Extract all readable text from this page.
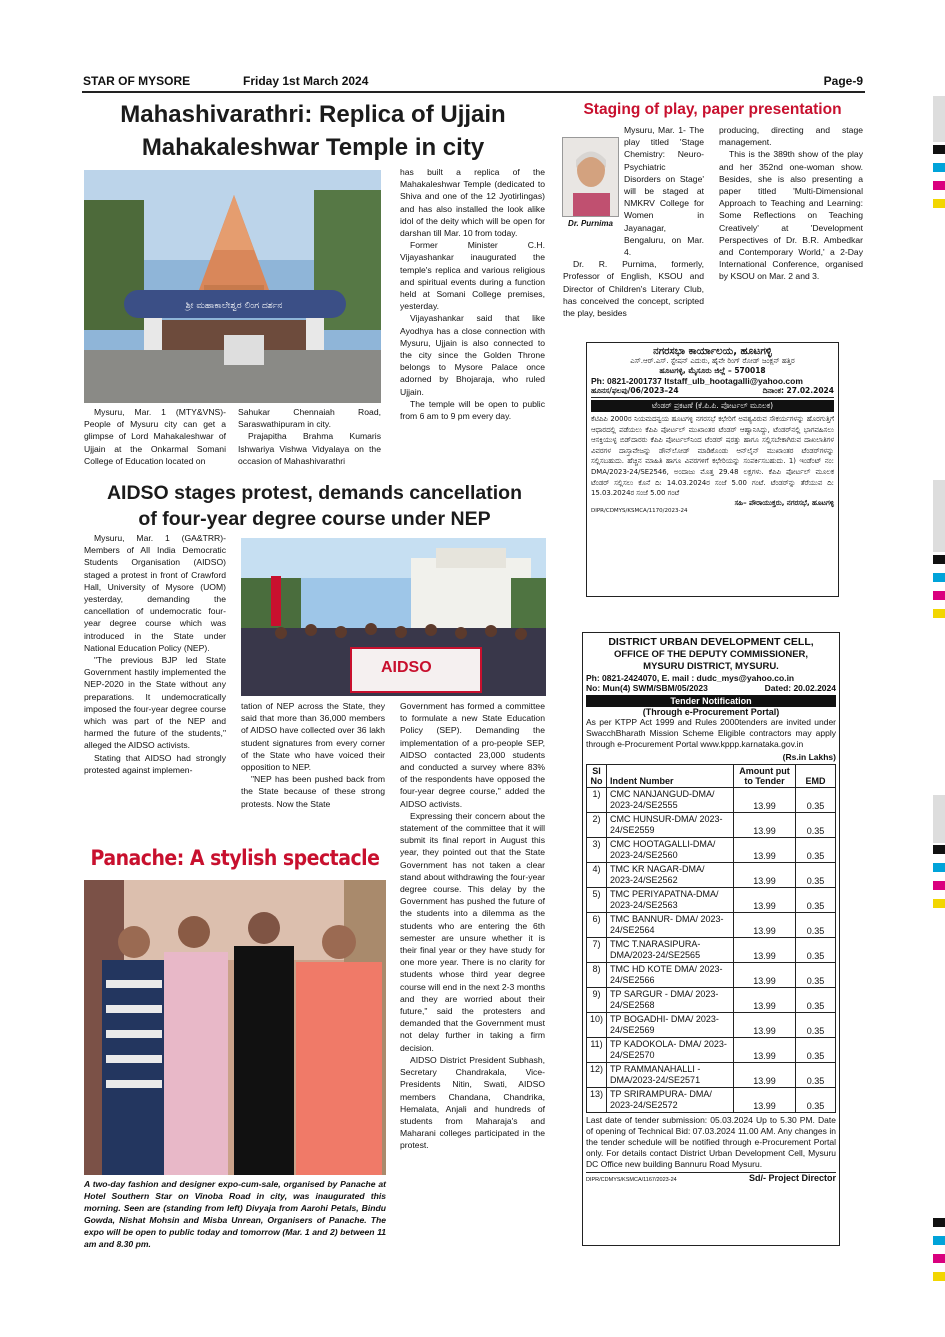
STAR OF MYSORE	Friday 1st March 2024	Page-9
Mahashivarathri: Replica of Ujjain
Mahakaleshwar Temple in city
ಶ್ರೀ ಮಹಾಕಾಲೇಶ್ವರ ಲಿಂಗ ದರ್ಶನ

Mysuru, Mar. 1 (MTY&VNS)- People of Mysuru city can get a glimpse of Lord Mahakaleshwar of Ujjain at the Onkarmal Somani College of Education located on

Sahukar Chennaiah Road, Saraswathipuram in city.

Prajapitha Brahma Kumaris Ishwariya Vishwa Vidyalaya on the occasion of Mahashivarathri

has built a replica of the Mahakaleshwar Temple (dedicated to Shiva and one of the 12 Jyotirlingas) and has also installed the look alike idol of the deity which will be open for darshan till Mar. 10 from today.

Former Minister C.H. Vijayashankar inaugurated the temple's replica and various religious and spiritual events during a function held at Somani College premises, yesterday.

Vijayashankar said that like Ayodhya has a close connection with Mysuru, Ujjain is also connected to the city since the Golden Throne belongs to Mysore Palace once adorned by Bhojaraja, who ruled Ujjain.

The temple will be open to public from 6 am to 9 pm every day.

Staging of play, paper presentation
Dr. Purnima

Mysuru, Mar. 1- The play titled 'Stage Chemistry: Neuro-Psychiatric Disorders on Stage' will be staged at NMKRV College for Women in Jayanagar, Bengaluru, on Mar. 4.

Dr. R. Purnima, formerly, Professor of English, KSOU and Director of Children's Literary Club, has conceived the concept, scripted the play, besides

producing, directing and stage management.

This is the 389th show of the play and her 352nd one-woman show. Besides, she is also presenting a paper titled 'Multi-Dimensional Approach to Teaching and Learning: Some Reflections on Teaching Creatively' at 'Development Perspectives of Dr. B.R. Ambedkar and Contemporary World,' a 2-Day International Conference, organised by KSOU on Mar. 2 and 3.

ನಗರಸಭಾ ಕಾರ್ಯಾಲಯ, ಹೂಟಗಳ್ಳಿ
ಎಸ್.ಆರ್.ಎಸ್. ಸ್ಟೇಷನ್ ಎದುರು, ಹೈವೇ ರಿಂಗ್ ರೋಡ್ ಜಂಕ್ಷನ್ ಹತ್ತಿರ
ಹೂಟಗಳ್ಳಿ, ಮೈಸೂರು ಜಿಲ್ಲೆ – 570018
Ph: 0821-2001737 ltstaff_ulb_hootagalli@yahoo.com
ಹೂನಸ/ಫಲಪು/06/2023–24	ದಿನಾಂಕ: 27.02.2024
ಟೆಂಡರ್ ಪ್ರಕಟಣೆ (ಕೆ.ಪಿ.ಪಿ. ಪೋರ್ಟಲ್ ಮೂಲಕ)
ಕೆಟಿಪಿಪಿ 2000ರ ನಿಯಮದನ್ವಯ ಹೂಟಗಳ್ಳಿ ನಗರಸಭೆ ಕಛೇರಿಗೆ ಅವಶ್ಯವಿರುವ ಸೌಕರ್ಯಗಳನ್ನು ಹೊರಗುತ್ತಿಗೆ ಆಧಾರದಲ್ಲಿ ಪಡೆಯಲು ಕೆಪಿಪಿ ಪೋರ್ಟಲ್ ಮುಖಾಂತರ ಟೆಂಡರ್ ಆಹ್ವಾನಿಸಿದ್ದು, ಟೆಂಡರ್‌ನಲ್ಲಿ ಭಾಗವಹಿಸಲು ಆಸಕ್ತಿಯುಳ್ಳ ಬಿಡ್‌ದಾರರು ಕೆಪಿಪಿ ಪೋರ್ಟಲ್‌ನಿಂದ ಟೆಂಡರ್ ಷರತ್ತು ಹಾಗೂ ಸಲ್ಲಿಸಬೇಕಾಗಿರುವ ದಾಖಲಾತಿಗಳ ವಿವರಗಳ ದಾಸ್ತಾವೇಜನ್ನು ಡೌನ್‌ಲೋಡ್ ಮಾಡಿಕೊಂಡು ಆನ್‌ಲೈನ್ ಮುಖಾಂತರ ಟೆಂಡರ್‌ಗಳನ್ನು ಸಲ್ಲಿಸಬಹುದು. ಹೆಚ್ಚಿನ ಮಾಹಿತಿ ಹಾಗೂ ವಿವರಗಳಿಗೆ ಕಛೇರಿಯನ್ನು ಸಂಪರ್ಕಿಸಬಹುದು. 1) ಇಂಡೆಂಟ್ ನಂ: DMA/2023-24/SE2546, ಅಂದಾಜು ಮೊತ್ತ 29.48 ಲಕ್ಷಗಳು. ಕೆಪಿಪಿ ಪೋರ್ಟಲ್ ಮೂಲಕ ಟೆಂಡರ್ ಸಲ್ಲಿಸಲು ಕೊನೆ ದಿ: 14.03.2024ರ ಸಂಜೆ 5.00 ಗಂಟೆ. ಟೆಂಡರ್‌ನ್ನು ತೆರೆಯುವ ದಿ: 15.03.2024ರ ಸಂಜೆ 5.00 ಗಂಟೆ
ಸಹಿ– ಪೌರಾಯುಕ್ತರು, ನಗರಸಭೆ, ಹೂಟಗಳ್ಳಿ
DIPR/CDMYS/KSMCA/1170/2023-24
AIDSO stages protest, demands cancellation
of four-year degree course under NEP
AIDSO

Mysuru, Mar. 1 (GA&TRR)- Members of All India Democratic Students Organisation (AIDSO) staged a protest in front of Crawford Hall, University of Mysore (UOM) yesterday, demanding the cancellation of undemocratic four-year degree course which was introduced in the State under National Education Policy (NEP).

"The previous BJP led State Government hastily implemented the NEP-2020 in the State without any preparations. It undemocratically imposed the four-year degree course which was part of the NEP and harmed the future of the students," alleged the AIDSO activists.

Stating that AIDSO had strongly protested against implemen-

tation of NEP across the State, they said that more than 36,000 members of AIDSO have collected over 36 lakh student signatures from every corner of the State who have voiced their opposition to NEP.

"NEP has been pushed back from the State because of these strong protests. Now the State

Government has formed a committee to formulate a new State Education Policy (SEP). Demanding the implementation of a pro-people SEP, AIDSO contacted 23,000 students and conducted a survey where 83% of the respondents have opposed the four-year degree course," added the AIDSO activists.

Expressing their concern about the statement of the committee that it will submit its final report in August this year, they pointed out that the State Government has not taken a clear stand about withdrawing the four-year degree course. This delay by the Government has pushed the future of the students into a dilemma as the students who are entering the 6th semester are unsure whether it is their final year or they have study for one more year. There is no clarity for students whose third year degree course will end in the next 2-3 months and they are worried about their future," said the protesters and demanded that the Government must not delay further in taking a firm decision.

AIDSO District President Subhash, Secretary Chandrakala, Vice-Presidents Nitin, Swati, AIDSO members Chandana, Chandrika, Hemalata, Anjali and hundreds of students from Maharaja's and Maharani colleges participated in the protest.

Panache: A stylish spectacle
A two-day fashion and designer expo-cum-sale, organised by Panache at Hotel Southern Star on Vinoba Road in city, was inaugurated this morning. Seen are (standing from left) Divyaja from Aarohi Petals, Bindu Gowda, Nishat Mohsin and Misba Unrean, Organisers of Panache. The expo will be open to public today and tomorrow (Mar. 1 and 2) between 11 am and 8.30 pm.
DISTRICT URBAN DEVELOPMENT CELL,
OFFICE OF THE DEPUTY COMMISSIONER,
MYSURU DISTRICT, MYSURU.
Ph: 0821-2424070, E. mail : dudc_mys@yahoo.co.in
No: Mun(4) SWM/SBM/05/2023	Dated: 20.02.2024
Tender Notification
(Through e-Procurement Portal)
As per KTPP Act 1999 and Rules 2000tenders are invited under SwacchBharath Mission Scheme Eligible contractors may apply through e-Procurement Portal www.kppp.karnataka.gov.in
(Rs.in Lakhs)
Sl No	Indent Number	Amount put to Tender	EMD
1)	CMC NANJANGUD-DMA/ 2023-24/SE2555	13.99	0.35
2)	CMC HUNSUR-DMA/ 2023-24/SE2559	13.99	0.35
3)	CMC HOOTAGALLI-DMA/ 2023-24/SE2560	13.99	0.35
4)	TMC KR NAGAR-DMA/ 2023-24/SE2562	13.99	0.35
5)	TMC PERIYAPATNA-DMA/ 2023-24/SE2563	13.99	0.35
6)	TMC BANNUR- DMA/ 2023-24/SE2564	13.99	0.35
7)	TMC T.NARASIPURA- DMA/2023-24/SE2565	13.99	0.35
8)	TMC HD KOTE DMA/ 2023-24/SE2566	13.99	0.35
9)	TP SARGUR - DMA/ 2023-24/SE2568	13.99	0.35
10)	TP BOGADHI- DMA/ 2023-24/SE2569	13.99	0.35
11)	TP KADOKOLA- DMA/ 2023-24/SE2570	13.99	0.35
12)	TP RAMMANAHALLI - DMA/2023-24/SE2571	13.99	0.35
13)	TP SRIRAMPURA- DMA/ 2023-24/SE2572	13.99	0.35
Last date of tender submission: 05.03.2024 Up to 5.30 PM. Date of opening of Technical Bid: 07.03.2024 11.00 AM. Any changes in the tender schedule will be notified through e-Procurement Portal only. For details contact District Urban Development Cell, Mysuru DC Office new building Bannuru Road Mysuru.
DIPR/CDMYS/KSMCA/1167/2023-24	Sd/- Project Director
